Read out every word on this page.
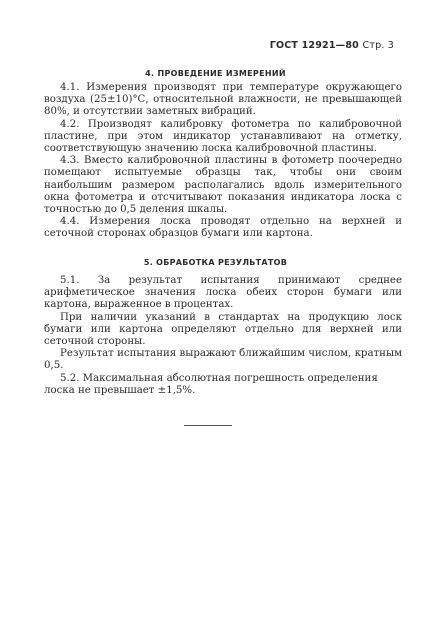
ГОСТ 12921—80 Стр. 3
4. ПРОВЕДЕНИЕ ИЗМЕРЕНИЙ

4.1. Измерения производят при температуре окружающего воздуха (25±10)°С, относительной влажности, не превышающей 80%, и отсутствии заметных вибраций.

4.2. Производят калибровку фотометра по калибровочной пластине, при этом индикатор устанавливают на отметку, соответствующую значению лоска калибровочной пластины.

4.3. Вместо калибровочной пластины в фотометр поочередно помещают испытуемые образцы так, чтобы они своим наибольшим размером располагались вдоль измерительного окна фотометра и отсчитывают показания индикатора лоска с точностью до 0,5 деления шкалы.

4.4. Измерения лоска проводят отдельно на верхней и сеточной сторонах образцов бумаги или картона.

5. ОБРАБОТКА РЕЗУЛЬТАТОВ

5.1. За результат испытания принимают среднее арифметическое значения лоска обеих сторон бумаги или картона, выраженное в процентах.

При наличии указаний в стандартах на продукцию лоск бумаги или картона определяют отдельно для верхней или сеточной стороны.

Результат испытания выражают ближайшим числом, кратным 0,5.

5.2. Максимальная абсолютная погрешность определения лоска не превышает ±1,5%.
